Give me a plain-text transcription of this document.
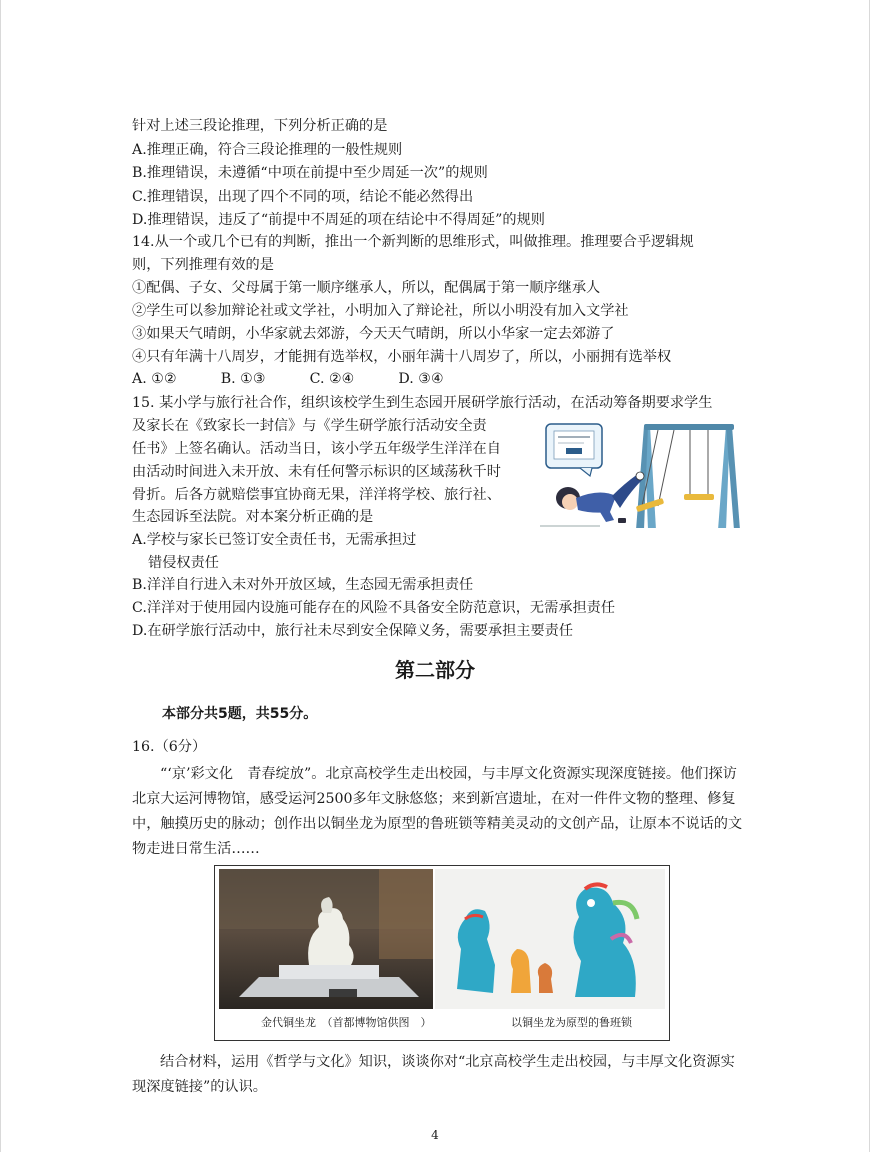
针对上述三段论推理，下列分析正确的是
A.推理正确，符合三段论推理的一般性规则
B.推理错误，未遵循“中项在前提中至少周延一次”的规则
C.推理错误，出现了四个不同的项，结论不能必然得出
D.推理错误，违反了“前提中不周延的项在结论中不得周延”的规则
14.从一个或几个已有的判断，推出一个新判断的思维形式，叫做推理。推理要合乎逻辑规
则，下列推理有效的是
①配偶、子女、父母属于第一顺序继承人，所以，配偶属于第一顺序继承人
②学生可以参加辩论社或文学社，小明加入了辩论社，所以小明没有加入文学社
③如果天气晴朗，小华家就去郊游，今天天气晴朗，所以小华家一定去郊游了
④只有年满十八周岁，才能拥有选举权，小丽年满十八周岁了，所以，小丽拥有选举权
A. ①②	B. ①③	C. ②④	D. ③④
15. 某小学与旅行社合作，组织该校学生到生态园开展研学旅行活动，在活动筹备期要求学生
及家长在《致家长一封信》与《学生研学旅行活动安全责
任书》上签名确认。活动当日，该小学五年级学生洋洋在自
由活动时间进入未开放、未有任何警示标识的区域荡秋千时
骨折。后各方就赔偿事宜协商无果，洋洋将学校、旅行社、
生态园诉至法院。对本案分析正确的是
A.学校与家长已签订安全责任书，无需承担过
错侵权责任
B.洋洋自行进入未对外开放区域，生态园无需承担责任
C.洋洋对于使用园内设施可能存在的风险不具备安全防范意识，无需承担责任
D.在研学旅行活动中，旅行社未尽到安全保障义务，需要承担主要责任
第二部分
本部分共5题，共55分。
16.（6分）
“‘京’彩文化　青春绽放”。北京高校学生走出校园，与丰厚文化资源实现深度链接。他们探访北京大运河博物馆，感受运河2500多年文脉悠悠；来到新宫遗址，在对一件件文物的整理、修复中，触摸历史的脉动；创作出以铜坐龙为原型的鲁班锁等精美灵动的文创产品，让原本不说话的文物走进日常生活……
金代铜坐龙　（首都博物馆供图　）	以铜坐龙为原型的鲁班锁
结合材料，运用《哲学与文化》知识，谈谈你对“北京高校学生走出校园，与丰厚文化资源实现深度链接”的认识。
4
